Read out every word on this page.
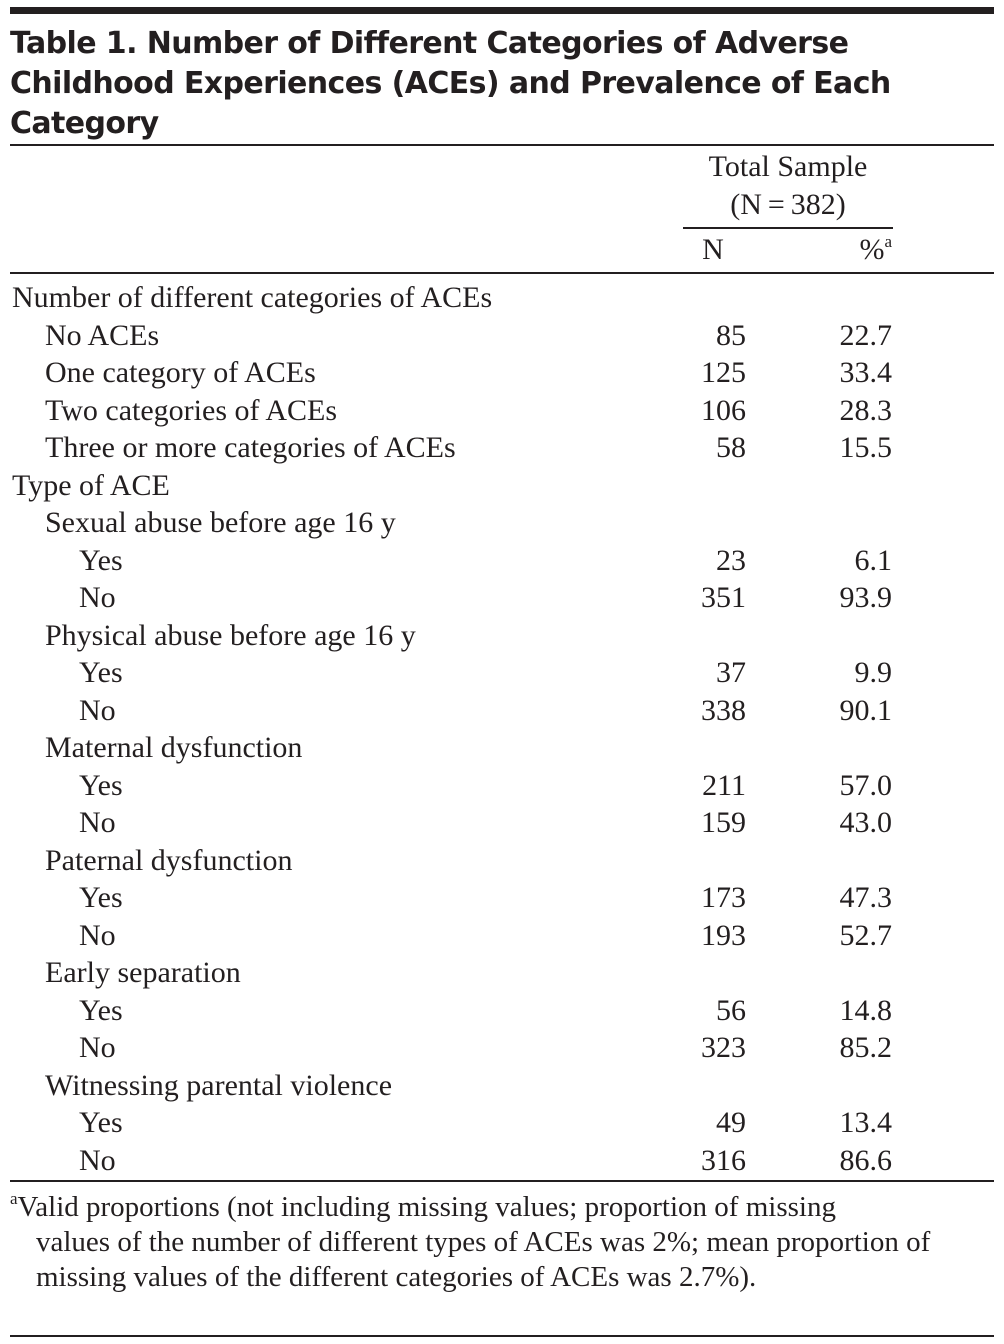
Table 1. Number of Different Categories of Adverse Childhood Experiences (ACEs) and Prevalence of Each Category
Total Sample
(N = 382)
N	%$^a$
Number of different categories of ACEs
No ACEs	85	22.7
One category of ACEs	125	33.4
Two categories of ACEs	106	28.3
Three or more categories of ACEs	58	15.5
Type of ACE
Sexual abuse before age 16 y
Yes	23	6.1
No	351	93.9
Physical abuse before age 16 y
Yes	37	9.9
No	338	90.1
Maternal dysfunction
Yes	211	57.0
No	159	43.0
Paternal dysfunction
Yes	173	47.3
No	193	52.7
Early separation
Yes	56	14.8
No	323	85.2
Witnessing parental violence
Yes	49	13.4
No	316	86.6
$^a$Valid proportions (not including missing values; proportion of missing
values of the number of different types of ACEs was 2%; mean proportion of missing values of the different categories of ACEs was 2.7%).
